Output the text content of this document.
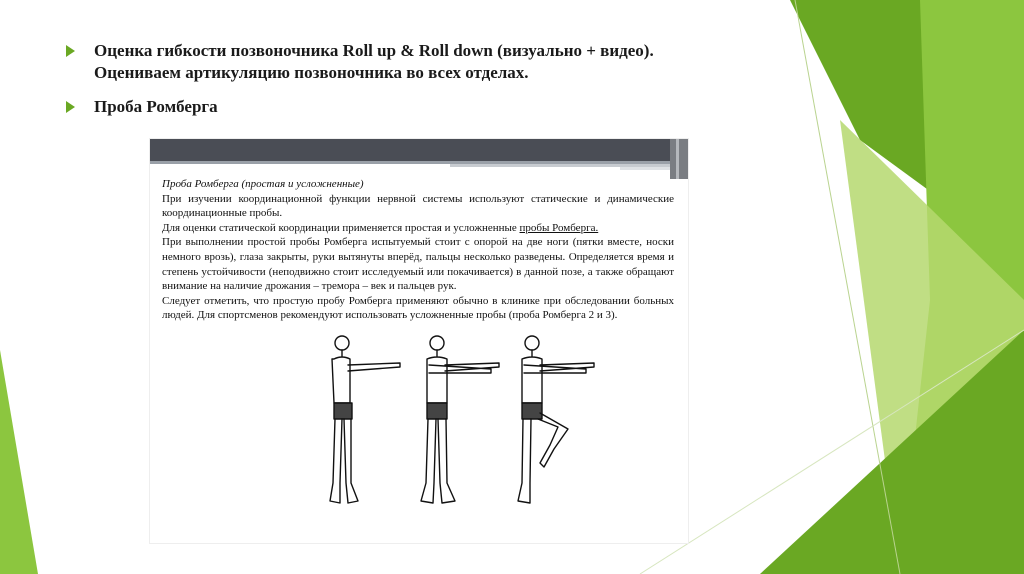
Оценка гибкости позвоночника Roll up & Roll down (визуально + видео).
Оцениваем артикуляцию позвоночника во всех отделах.
Проба Ромберга

Проба Ромберга (простая и усложненные)

При изучении координационной функции нервной системы используют статические и динамические координационные пробы.

Для оценки статической координации применяется простая и усложненные пробы Ромберга.

При выполнении простой пробы Ромберга испытуемый стоит с опорой на две ноги (пятки вместе, носки немного врозь), глаза закрыты, руки вытянуты вперёд, пальцы несколько разведены. Определяется время и степень устойчивости (неподвижно стоит исследуемый или покачивается) в данной позе, а также обращают внимание на наличие дрожания – тремора – век и пальцев рук.

Следует отметить, что простую пробу Ромберга применяют обычно в клинике при обследовании больных людей. Для спортсменов рекомендуют использовать усложненные пробы (проба Ромберга 2 и 3).
